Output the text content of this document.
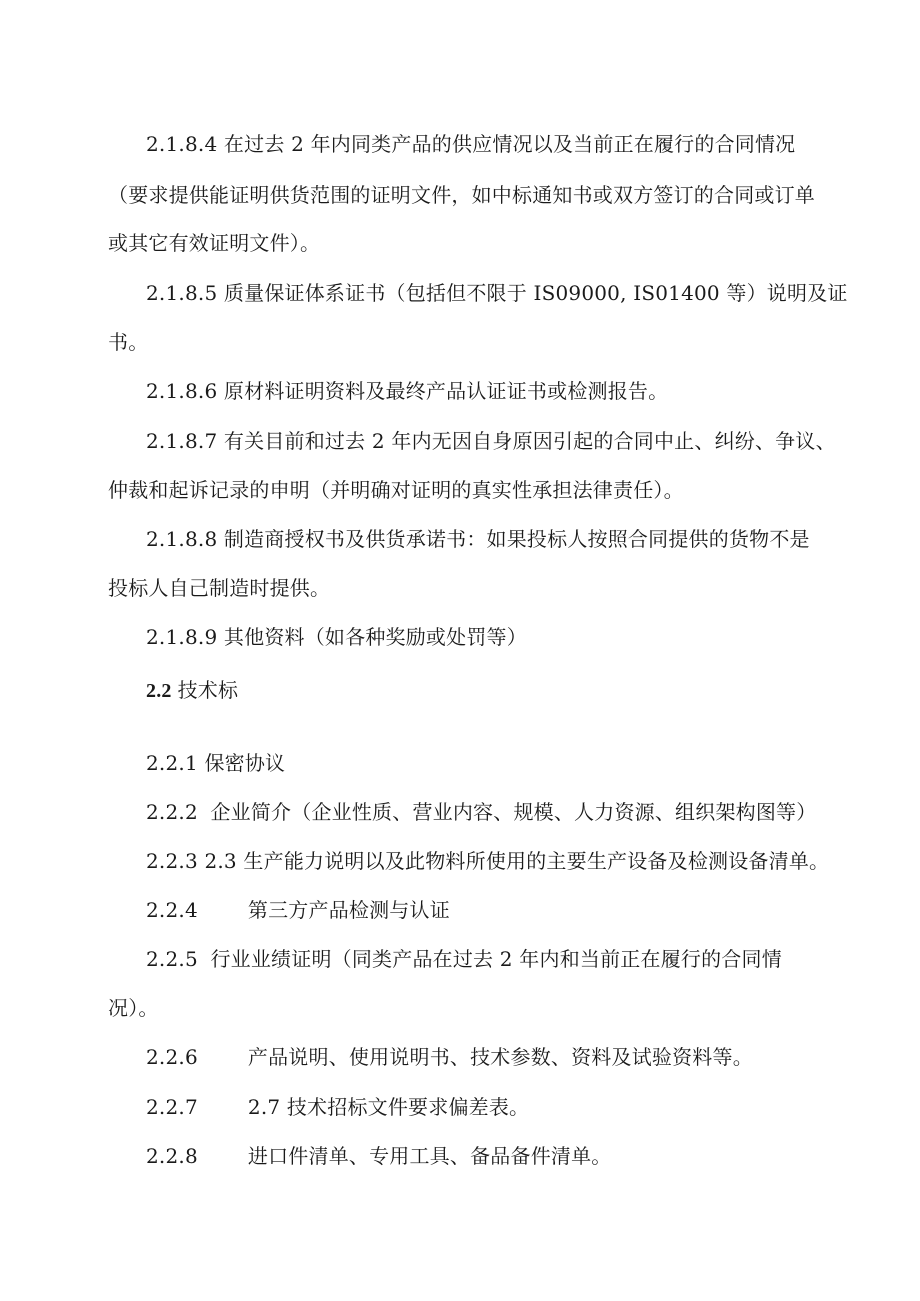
2.1.8.4 在过去 2 年内同类产品的供应情况以及当前正在履行的合同情况
（要求提供能证明供货范围的证明文件，如中标通知书或双方签订的合同或订单
或其它有效证明文件）。
2.1.8.5 质量保证体系证书（包括但不限于 IS09000, IS01400 等）说明及证
书。
2.1.8.6 原材料证明资料及最终产品认证证书或检测报告。
2.1.8.7 有关目前和过去 2 年内无因自身原因引起的合同中止、纠纷、争议、
仲裁和起诉记录的申明（并明确对证明的真实性承担法律责任）。
2.1.8.8 制造商授权书及供货承诺书：如果投标人按照合同提供的货物不是
投标人自己制造时提供。
2.1.8.9 其他资料（如各种奖励或处罚等）
2.2 技术标
2.2.1 保密协议
2.2.2 企业简介（企业性质、营业内容、规模、人力资源、组织架构图等）
2.2.3 2.3 生产能力说明以及此物料所使用的主要生产设备及检测设备清单。
2.2.4	第三方产品检测与认证
2.2.5 行业业绩证明（同类产品在过去 2 年内和当前正在履行的合同情
况）。
2.2.6	产品说明、使用说明书、技术参数、资料及试验资料等。
2.2.7	2.7 技术招标文件要求偏差表。
2.2.8	进口件清单、专用工具、备品备件清单。
